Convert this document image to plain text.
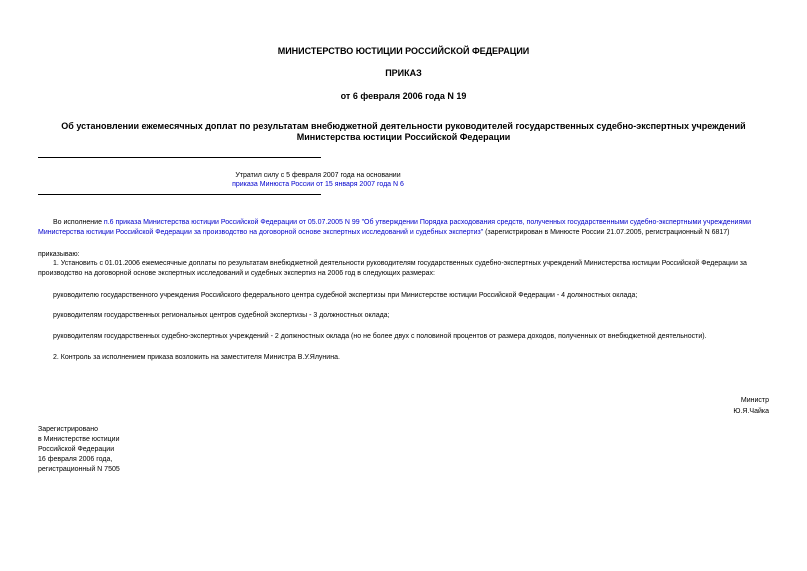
МИНИСТЕРСТВО ЮСТИЦИИ РОССИЙСКОЙ ФЕДЕРАЦИИ
ПРИКАЗ
от 6 февраля 2006 года N 19
Об установлении ежемесячных доплат по результатам внебюджетной деятельности руководителей государственных судебно-экспертных учреждений
Министерства юстиции Российской Федерации
Утратил силу с 5 февраля 2007 года на основании
приказа Минюста России от 15 января 2007 года N 6
Во исполнение п.6 приказа Министерства юстиции Российской Федерации от 05.07.2005 N 99 "Об утверждении Порядка расходования средств, полученных государственными судебно-экспертными учреждениями Министерства юстиции Российской Федерации за производство на договорной основе экспертных исследований и судебных экспертиз" (зарегистрирован в Минюсте России 21.07.2005, регистрационный N 6817)
приказываю:
1. Установить с 01.01.2006 ежемесячные доплаты по результатам внебюджетной деятельности руководителям государственных судебно-экспертных учреждений Министерства юстиции Российской Федерации за производство на договорной основе экспертных исследований и судебных экспертиз на 2006 год в следующих размерах:
руководителю государственного учреждения Российского федерального центра судебной экспертизы при Министерстве юстиции Российской Федерации - 4 должностных оклада;
руководителям государственных региональных центров судебной экспертизы - 3 должностных оклада;
руководителям государственных судебно-экспертных учреждений - 2 должностных оклада (но не более двух с половиной процентов от размера доходов, полученных от внебюджетной деятельности).
2. Контроль за исполнением приказа возложить на заместителя Министра В.У.Ялунина.
Министр
Ю.Я.Чайка
Зарегистрировано
в Министерстве юстиции
Российской Федерации
16 февраля 2006 года,
регистрационный N 7505
